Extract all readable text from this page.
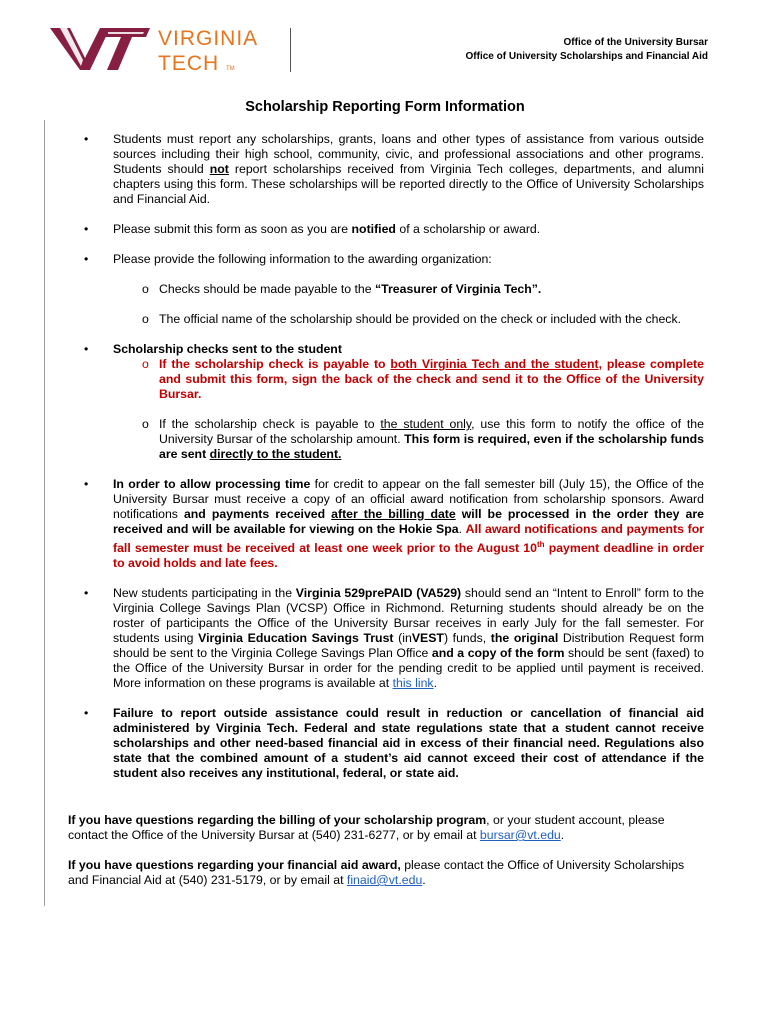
VIRGINIA
TECH TM
Office of the University Bursar
Office of University Scholarships and Financial Aid
Scholarship Reporting Form Information
• Students must report any scholarships, grants, loans and other types of assistance from various outside sources including their high school, community, civic, and professional associations and other programs. Students should not report scholarships received from Virginia Tech colleges, departments, and alumni chapters using this form. These scholarships will be reported directly to the Office of University Scholarships and Financial Aid.
• Please submit this form as soon as you are notified of a scholarship or award.
• Please provide the following information to the awarding organization:
o Checks should be made payable to the “Treasurer of Virginia Tech”.
o The official name of the scholarship should be provided on the check or included with the check.
• Scholarship checks sent to the student
o If the scholarship check is payable to both Virginia Tech and the student, please complete and submit this form, sign the back of the check and send it to the Office of the University Bursar.
o If the scholarship check is payable to the student only, use this form to notify the office of the University Bursar of the scholarship amount. This form is required, even if the scholarship funds are sent directly to the student.
• In order to allow processing time for credit to appear on the fall semester bill (July 15), the Office of the University Bursar must receive a copy of an official award notification from scholarship sponsors. Award notifications and payments received after the billing date will be processed in the order they are received and will be available for viewing on the Hokie Spa. All award notifications and payments for fall semester must be received at least one week prior to the August 10th payment deadline in order to avoid holds and late fees.
• New students participating in the Virginia 529prePAID (VA529) should send an “Intent to Enroll” form to the Virginia College Savings Plan (VCSP) Office in Richmond. Returning students should already be on the roster of participants the Office of the University Bursar receives in early July for the fall semester. For students using Virginia Education Savings Trust (inVEST) funds, the original Distribution Request form should be sent to the Virginia College Savings Plan Office and a copy of the form should be sent (faxed) to the Office of the University Bursar in order for the pending credit to be applied until payment is received. More information on these programs is available at this link.
• Failure to report outside assistance could result in reduction or cancellation of financial aid administered by Virginia Tech. Federal and state regulations state that a student cannot receive scholarships and other need-based financial aid in excess of their financial need. Regulations also state that the combined amount of a student’s aid cannot exceed their cost of attendance if the student also receives any institutional, federal, or state aid.

If you have questions regarding the billing of your scholarship program, or your student account, please contact the Office of the University Bursar at (540) 231-6277, or by email at bursar@vt.edu.

If you have questions regarding your financial aid award, please contact the Office of University Scholarships and Financial Aid at (540) 231-5179, or by email at finaid@vt.edu.
